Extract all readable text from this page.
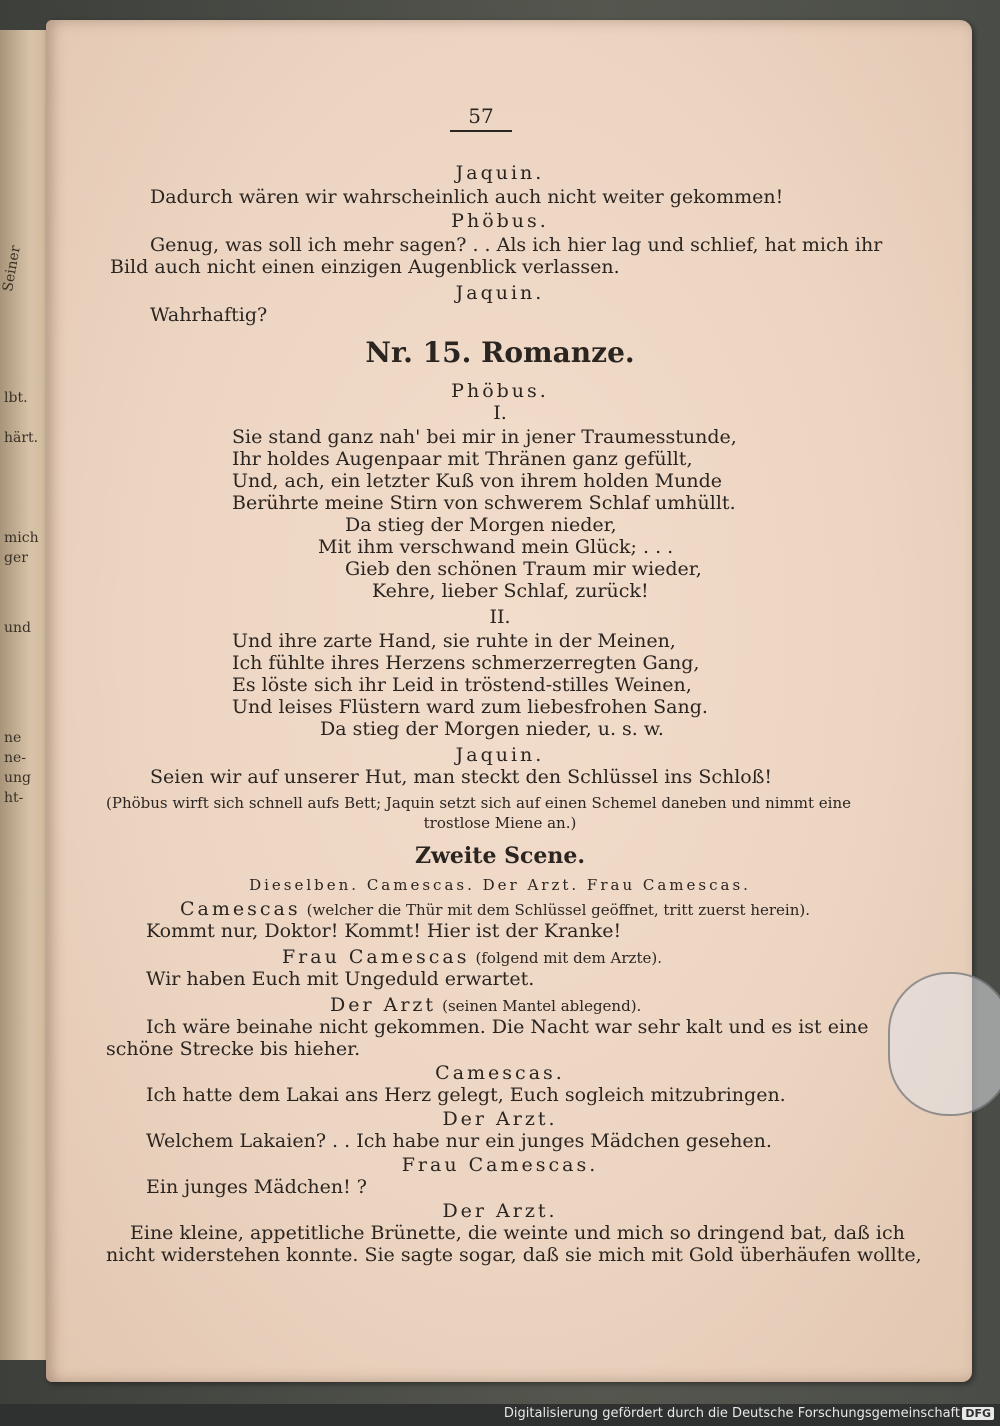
Seiner
lbt.
härt.
mich
ger
und
ne
ne-
ung
ht-
57
Jaquin.
Dadurch wären wir wahrscheinlich auch nicht weiter gekommen!
Phöbus.
Genug, was soll ich mehr sagen? . . Als ich hier lag und schlief, hat mich ihr
Bild auch nicht einen einzigen Augenblick verlassen.
Jaquin.
Wahrhaftig?
Nr. 15. Romanze.
Phöbus.
I.
Sie stand ganz nah' bei mir in jener Traumesstunde,
Ihr holdes Augenpaar mit Thränen ganz gefüllt,
Und, ach, ein letzter Kuß von ihrem holden Munde
Berührte meine Stirn von schwerem Schlaf umhüllt.
Da stieg der Morgen nieder,
Mit ihm verschwand mein Glück; . . .
Gieb den schönen Traum mir wieder,
Kehre, lieber Schlaf, zurück!
II.
Und ihre zarte Hand, sie ruhte in der Meinen,
Ich fühlte ihres Herzens schmerzerregten Gang,
Es löste sich ihr Leid in tröstend-stilles Weinen,
Und leises Flüstern ward zum liebesfrohen Sang.
Da stieg der Morgen nieder, u. s. w.
Jaquin.
Seien wir auf unserer Hut, man steckt den Schlüssel ins Schloß!
(Phöbus wirft sich schnell aufs Bett; Jaquin setzt sich auf einen Schemel daneben und nimmt eine
trostlose Miene an.)
Zweite Scene.
Dieselben. Camescas. Der Arzt. Frau Camescas.
Camescas (welcher die Thür mit dem Schlüssel geöffnet, tritt zuerst herein).
Kommt nur, Doktor! Kommt! Hier ist der Kranke!
Frau Camescas (folgend mit dem Arzte).
Wir haben Euch mit Ungeduld erwartet.
Der Arzt (seinen Mantel ablegend).
Ich wäre beinahe nicht gekommen. Die Nacht war sehr kalt und es ist eine
schöne Strecke bis hieher.
Camescas.
Ich hatte dem Lakai ans Herz gelegt, Euch sogleich mitzubringen.
Der Arzt.
Welchem Lakaien? . . Ich habe nur ein junges Mädchen gesehen.
Frau Camescas.
Ein junges Mädchen! ?
Der Arzt.
Eine kleine, appetitliche Brünette, die weinte und mich so dringend bat, daß ich
nicht widerstehen konnte. Sie sagte sogar, daß sie mich mit Gold überhäufen wollte,
Digitalisierung gefördert durch die Deutsche Forschungsgemeinschaft DFG
